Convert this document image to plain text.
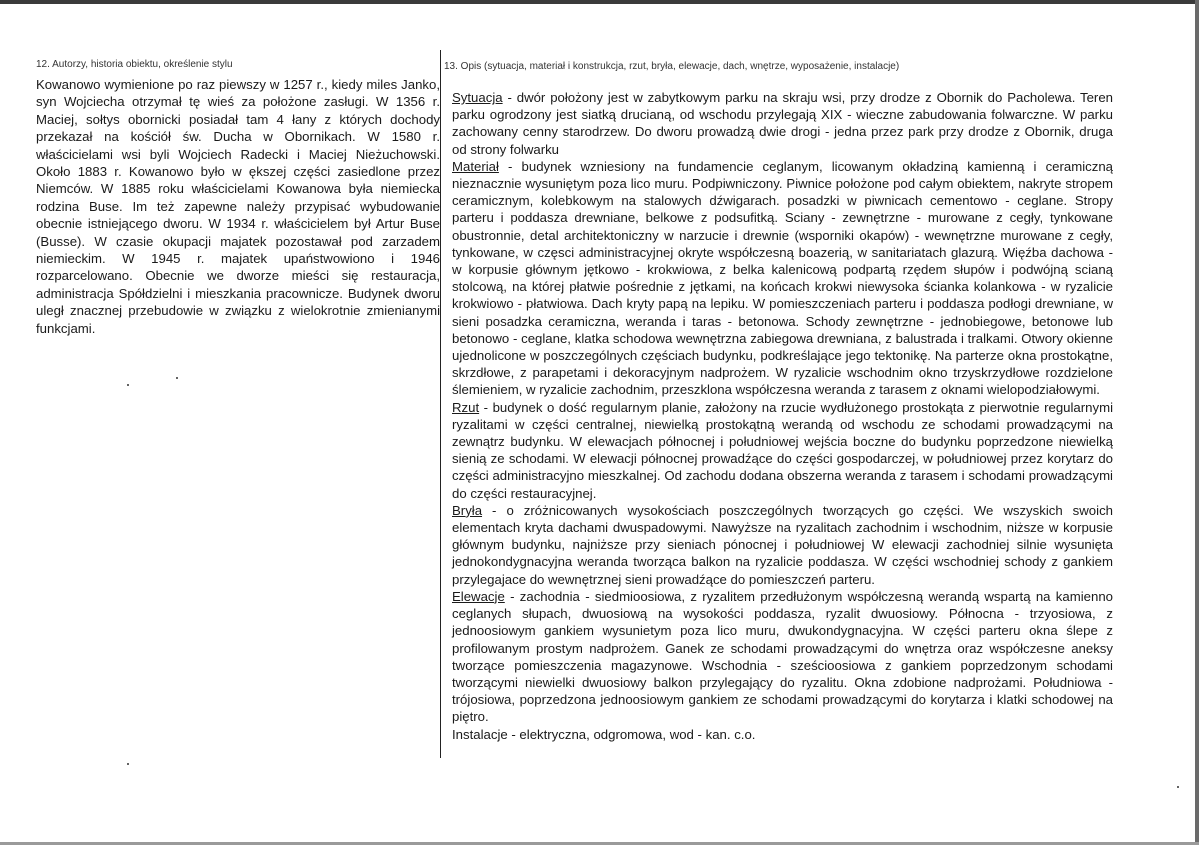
12. Autorzy, historia obiektu, określenie stylu	13. Opis (sytuacja, materiał i konstrukcja, rzut, bryła, elewacje, dach, wnętrze, wyposażenie, instalacje)
Kowanowo wymienione po raz piewszy w 1257 r., kiedy miles Janko, syn Wojciecha otrzymał tę wieś za położone zasługi. W 1356 r. Maciej, sołtys obornicki posiadał tam 4 łany z których dochody przekazał na kościół św. Ducha w Obornikach. W 1580 r. właścicielami wsi byli Wojciech Radecki i Maciej Nieżuchowski. Około 1883 r. Kowanowo było w ększej części zasiedlone przez Niemców. W 1885 roku właścicielami Kowanowa była niemiecka rodzina Buse. Im też zapewne należy przypisać wybudowanie obecnie istniejącego dworu. W 1934 r. właścicielem był Artur Buse (Busse). W czasie okupacji majatek pozostawał pod zarzadem niemieckim. W 1945 r. majatek upaństwowiono i 1946 rozparcelowano. Obecnie we dworze mieści się restauracja, administracja Spółdzielni i mieszkania pracownicze. Budynek dworu uległ znacznej przebudowie w związku z wielokrotnie zmienianymi funkcjami.

Sytuacja - dwór położony jest w zabytkowym parku na skraju wsi, przy drodze z Obornik do Pacholewa. Teren parku ogrodzony jest siatką drucianą, od wschodu przylegają XIX - wieczne zabudowania folwarczne. W parku zachowany cenny starodrzew. Do dworu prowadzą dwie drogi - jedna przez park przy drodze z Obornik, druga od strony folwarku

Materiał - budynek wzniesiony na fundamencie ceglanym, licowanym okładziną kamienną i ceramiczną nieznacznie wysuniętym poza lico muru. Podpiwniczony. Piwnice położone pod całym obiektem, nakryte stropem ceramicznym, kolebkowym na stalowych dźwigarach. posadzki w piwnicach cementowo - ceglane. Stropy parteru i poddasza drewniane, belkowe z podsufitką. Sciany - zewnętrzne - murowane z cegły, tynkowane obustronnie, detal architektoniczny w narzucie i drewnie (wsporniki okapów) - wewnętrzne murowane z cegły, tynkowane, w częsci administracyjnej okryte współczesną boazerią, w sanitariatach glazurą. Więźba dachowa - w korpusie głównym jętkowo - krokwiowa, z belka kalenicową podpartą rzędem słupów i podwójną scianą stolcową, na której płatwie pośrednie z jętkami, na końcach krokwi niewysoka ścianka kolankowa - w ryzalicie krokwiowo - płatwiowa. Dach kryty papą na lepiku. W pomieszczeniach parteru i poddasza podłogi drewniane, w sieni posadzka ceramiczna, weranda i taras - betonowa. Schody zewnętrzne - jednobiegowe, betonowe lub betonowo - ceglane, klatka schodowa wewnętrzna zabiegowa drewniana, z balustrada i tralkami. Otwory okienne ujednolicone w poszczególnych częściach budynku, podkreślające jego tektonikę. Na parterze okna prostokątne, skrzdłowe, z parapetami i dekoracyjnym nadprożem. W ryzalicie wschodnim okno trzyskrzydłowe rozdzielone ślemieniem, w ryzalicie zachodnim, przeszklona współczesna weranda z tarasem z oknami wielopodziałowymi.

Rzut - budynek o dość regularnym planie, założony na rzucie wydłużonego prostokąta z pierwotnie regularnymi ryzalitami w części centralnej, niewielką prostokątną werandą od wschodu ze schodami prowadzącymi na zewnątrz budynku. W elewacjach północnej i południowej wejścia boczne do budynku poprzedzone niewielką sienią ze schodami. W elewacji północnej prowadźące do części gospodarczej, w południowej przez korytarz do części administracyjno mieszkalnej. Od zachodu dodana obszerna weranda z tarasem i schodami prowadzącymi do części restauracyjnej.

Bryła - o zróżnicowanych wysokościach poszczególnych tworzących go części. We wszyskich swoich elementach kryta dachami dwuspadowymi. Nawyższe na ryzalitach zachodnim i wschodnim, niższe w korpusie głównym budynku, najniższe przy sieniach pónocnej i południowej W elewacji zachodniej silnie wysunięta jednokondygnacyjna weranda tworząca balkon na ryzalicie poddasza. W części wschodniej schody z gankiem przylegajace do wewnętrznej sieni prowadźące do pomieszczeń parteru.

Elewacje - zachodnia - siedmioosiowa, z ryzalitem przedłużonym współczesną werandą wspartą na kamienno ceglanych słupach, dwuosiową na wysokości poddasza, ryzalit dwuosiowy. Północna - trzyosiowa, z jednoosiowym gankiem wysunietym poza lico muru, dwukondygnacyjna. W części parteru okna ślepe z profilowanym prostym nadprożem. Ganek ze schodami prowadzącymi do wnętrza oraz współczesne aneksy tworzące pomieszczenia magazynowe. Wschodnia - sześcioosiowa z gankiem poprzedzonym schodami tworzącymi niewielki dwuosiowy balkon przylegający do ryzalitu. Okna zdobione nadprożami. Południowa - trójosiowa, poprzedzona jednoosiowym gankiem ze schodami prowadzącymi do korytarza i klatki schodowej na piętro.

Instalacje - elektryczna, odgromowa, wod - kan. c.o.
